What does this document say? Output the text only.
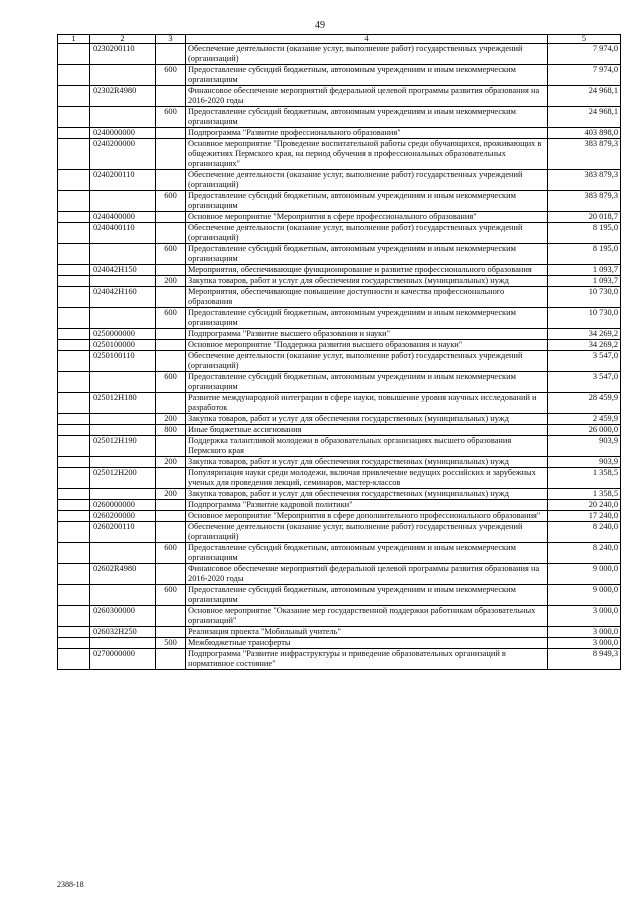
49
1	2	3	4	5
	0230200110		Обеспечение деятельности (оказание услуг, выполнение работ) государственных учреждений (организаций)	7 974,0
		600	Предоставление субсидий бюджетным, автономным учреждениям и иным некоммерческим организациям	7 974,0
	02302R4980		Финансовое обеспечение мероприятий федеральной целевой программы развития образования на 2016-2020 годы	24 968,1
		600	Предоставление субсидий бюджетным, автономным учреждениям и иным некоммерческим организациям	24 968,1
	0240000000		Подпрограмма "Развитие профессионального образования"	403 898,0
	0240200000		Основное мероприятие "Проведение воспитательной работы среди обучающихся, проживающих в общежитиях Пермского края, на период обучения в профессиональных образовательных организациях"	383 879,3
	0240200110		Обеспечение деятельности (оказание услуг, выполнение работ) государственных учреждений (организаций)	383 879,3
		600	Предоставление субсидий бюджетным, автономным учреждениям и иным некоммерческим организациям	383 879,3
	0240400000		Основное мероприятие "Мероприятия в сфере профессионального образования"	20 018,7
	0240400110		Обеспечение деятельности (оказание услуг, выполнение работ) государственных учреждений (организаций)	8 195,0
		600	Предоставление субсидий бюджетным, автономным учреждениям и иным некоммерческим организациям	8 195,0
	024042Н150		Мероприятия, обеспечивающие функционирование и развитие профессионального образования	1 093,7
		200	Закупка товаров, работ и услуг для обеспечения государственных (муниципальных) нужд	1 093,7
	024042Н160		Мероприятия, обеспечивающие повышение доступности и качества профессионального образования	10 730,0
		600	Предоставление субсидий бюджетным, автономным учреждениям и иным некоммерческим организациям	10 730,0
	0250000000		Подпрограмма "Развитие высшего образования и науки"	34 269,2
	0250100000		Основное мероприятие "Поддержка развития высшего образования и науки"	34 269,2
	0250100110		Обеспечение деятельности (оказание услуг, выполнение работ) государственных учреждений (организаций)	3 547,0
		600	Предоставление субсидий бюджетным, автономным учреждениям и иным некоммерческим организациям	3 547,0
	025012Н180		Развитие международной интеграции в сфере науки, повышение уровня научных исследований и разработок	28 459,9
		200	Закупка товаров, работ и услуг для обеспечения государственных (муниципальных) нужд	2 459,9
		800	Иные бюджетные ассигнования	26 000,0
	025012Н190		Поддержка талантливой молодежи в образовательных организациях высшего образования Пермского края	903,9
		200	Закупка товаров, работ и услуг для обеспечения государственных (муниципальных) нужд	903,9
	025012Н200		Популяризация науки среди молодежи, включая привлечение ведущих российских и зарубежных ученых для проведения лекций, семинаров, мастер-классов	1 358,5
		200	Закупка товаров, работ и услуг для обеспечения государственных (муниципальных) нужд	1 358,5
	0260000000		Подпрограмма "Развитие кадровой политики"	20 240,0
	0260200000		Основное мероприятие "Мероприятия в сфере дополнительного профессионального образования"	17 240,0
	0260200110		Обеспечение деятельности (оказание услуг, выполнение работ) государственных учреждений (организаций)	8 240,0
		600	Предоставление субсидий бюджетным, автономным учреждениям и иным некоммерческим организациям	8 240,0
	02602R4980		Финансовое обеспечение мероприятий федеральной целевой программы развития образования на 2016-2020 годы	9 000,0
		600	Предоставление субсидий бюджетным, автономным учреждениям и иным некоммерческим организациям	9 000,0
	0260300000		Основное мероприятие "Оказание мер государственной поддержки работникам образовательных организаций"	3 000,0
	026032Н250		Реализация проекта "Мобильный учитель"	3 000,0
		500	Межбюджетные трансферты	3 000,0
	0270000000		Подпрограмма "Развитие инфраструктуры и приведение образовательных организаций в нормативное состояние"	8 949,3
2388-18
